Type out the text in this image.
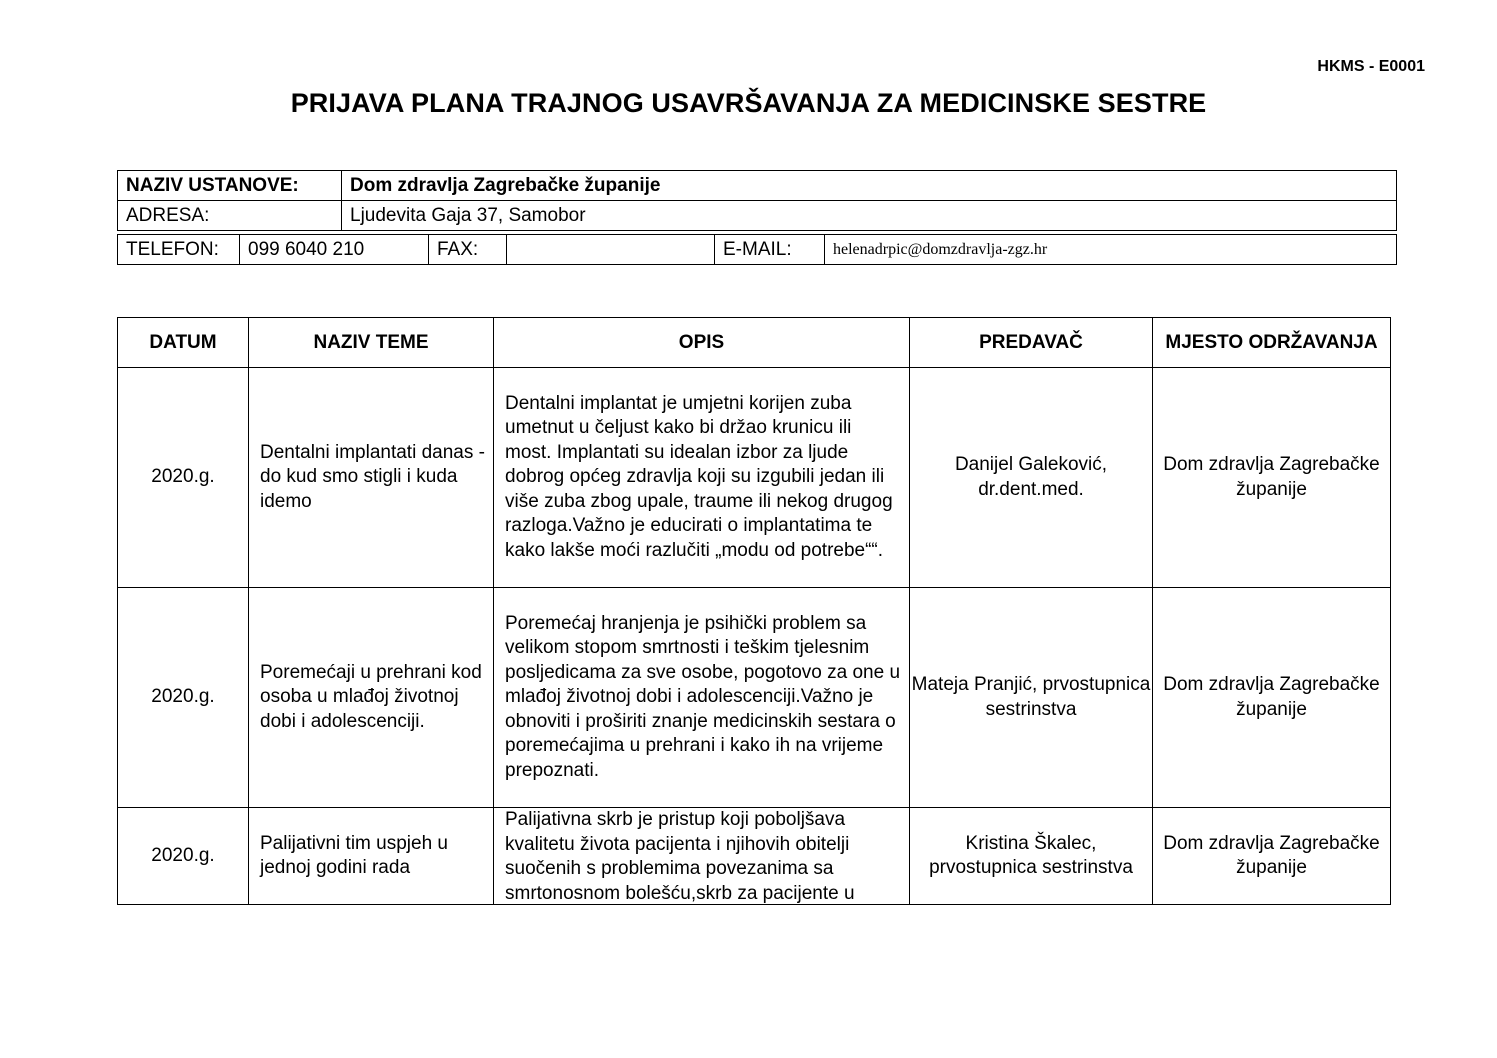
HKMS - E0001
PRIJAVA PLANA TRAJNOG USAVRŠAVANJA ZA MEDICINSKE SESTRE
NAZIV USTANOVE:	Dom zdravlja Zagrebačke županije
ADRESA:	Ljudevita Gaja 37, Samobor
TELEFON:	099 6040 210	FAX:		E-MAIL:	helenadrpic@domzdravlja-zgz.hr
DATUM	NAZIV TEME	OPIS	PREDAVAČ	MJESTO ODRŽAVANJA
2020.g.	Dentalni implantati danas - do kud smo stigli i kuda idemo	Dentalni implantat je umjetni korijen zuba umetnut u čeljust kako bi držao krunicu ili most. Implantati su idealan izbor za ljude dobrog općeg zdravlja koji su izgubili jedan ili više zuba zbog upale, traume ili nekog drugog razloga.Važno je educirati o implantatima te kako lakše moći razlučiti „modu od potrebe““.	Danijel Galeković, dr.dent.med.	Dom zdravlja Zagrebačke županije
2020.g.	Poremećaji u prehrani kod osoba u mlađoj životnoj dobi i adolescenciji.	Poremećaj hranjenja je psihički problem sa velikom stopom smrtnosti i teškim tjelesnim posljedicama za sve osobe, pogotovo za one u mlađoj životnoj dobi i adolescenciji.Važno je obnoviti i proširiti znanje medicinskih sestara o poremećajima u prehrani i kako ih na vrijeme prepoznati.	Mateja Pranjić, prvostupnica sestrinstva	Dom zdravlja Zagrebačke županije
2020.g.	Palijativni tim uspjeh u jednoj godini rada	Palijativna skrb je pristup koji poboljšava kvalitetu života pacijenta i njihovih obitelji suočenih s problemima povezanima sa smrtonosnom bolešću,skrb za pacijente u	Kristina Škalec, prvostupnica sestrinstva	Dom zdravlja Zagrebačke županije
